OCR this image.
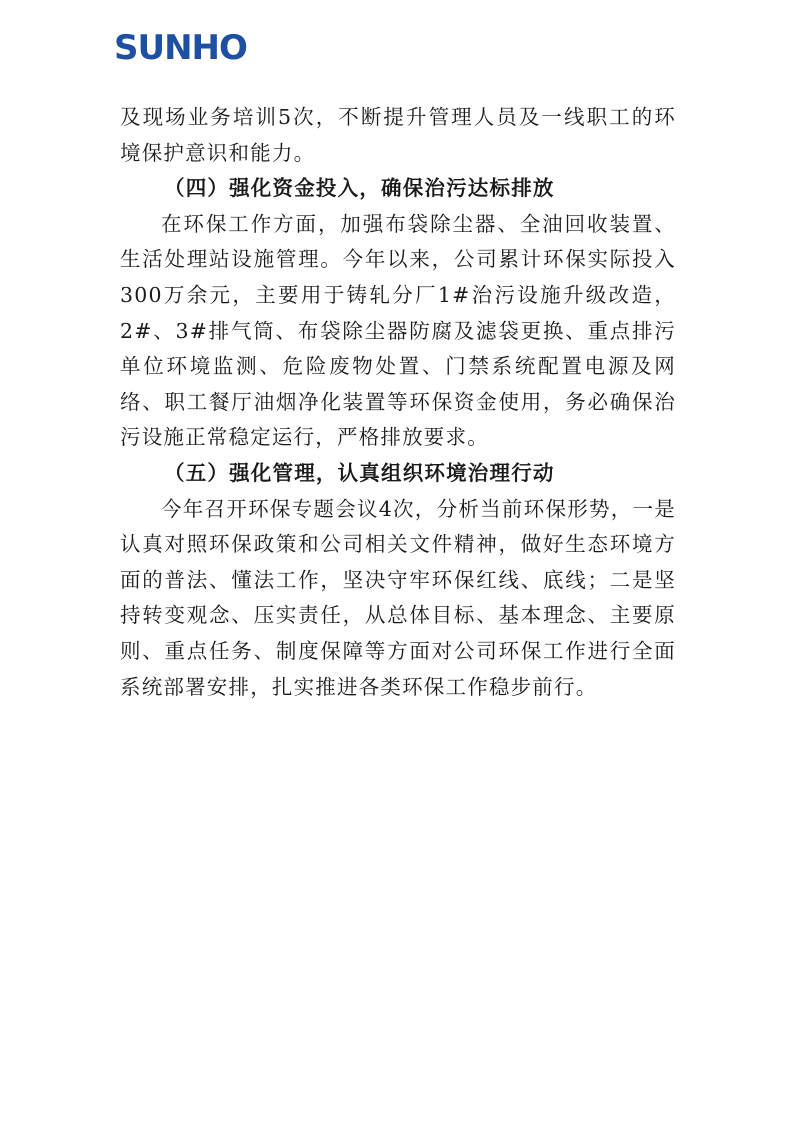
SUNHO

及现场业务培训5次，不断提升管理人员及一线职工的环境保护意识和能力。

（四）强化资金投入，确保治污达标排放

在环保工作方面，加强布袋除尘器、全油回收装置、生活处理站设施管理。今年以来，公司累计环保实际投入300万余元，主要用于铸轧分厂1#治污设施升级改造，2#、3#排气筒、布袋除尘器防腐及滤袋更换、重点排污单位环境监测、危险废物处置、门禁系统配置电源及网络、职工餐厅油烟净化装置等环保资金使用，务必确保治污设施正常稳定运行，严格排放要求。

（五）强化管理，认真组织环境治理行动

今年召开环保专题会议4次，分析当前环保形势，一是认真对照环保政策和公司相关文件精神，做好生态环境方面的普法、懂法工作，坚决守牢环保红线、底线；二是坚持转变观念、压实责任，从总体目标、基本理念、主要原则、重点任务、制度保障等方面对公司环保工作进行全面系统部署安排，扎实推进各类环保工作稳步前行。
